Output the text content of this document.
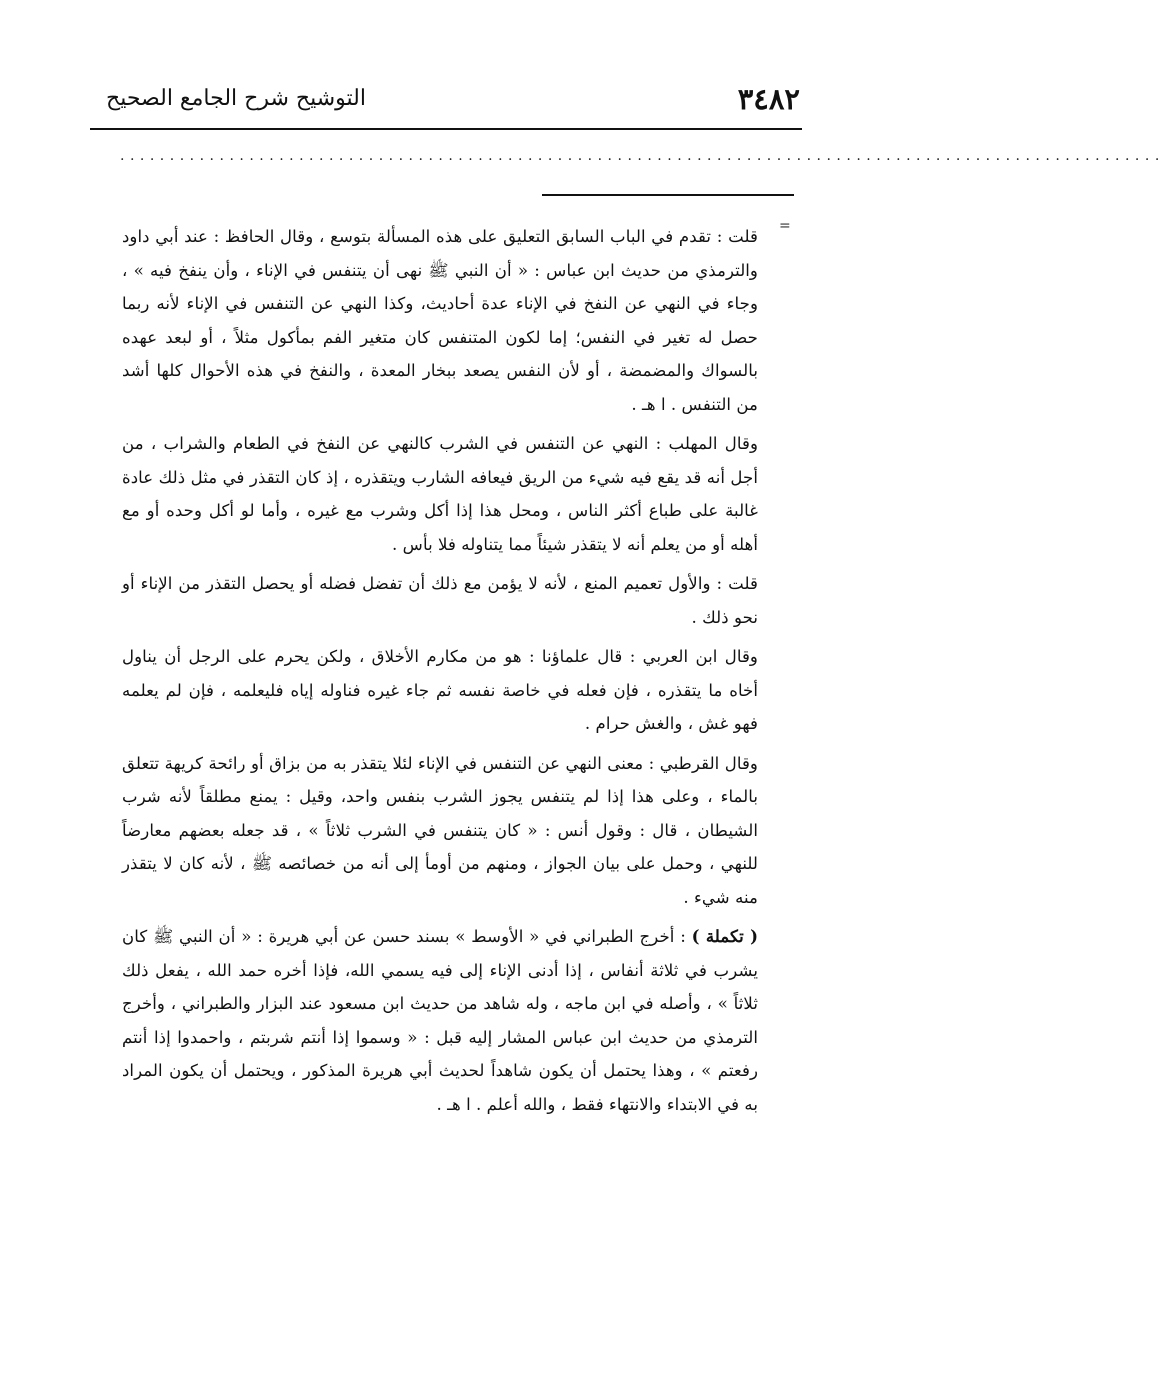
٣٤٨٢
التوشيح شرح الجامع الصحيح
.........................................................................................................
=

قلت : تقدم في الباب السابق التعليق على هذه المسألة بتوسع ، وقال الحافظ : عند أبي داود والترمذي من حديث ابن عباس : « أن النبي ﷺ نهى أن يتنفس في الإناء ، وأن ينفخ فيه » ، وجاء في النهي عن النفخ في الإناء عدة أحاديث، وكذا النهي عن التنفس في الإناء لأنه ربما حصل له تغير في النفس؛ إما لكون المتنفس كان متغير الفم بمأكول مثلاً ، أو لبعد عهده بالسواك والمضمضة ، أو لأن النفس يصعد ببخار المعدة ، والنفخ في هذه الأحوال كلها أشد من التنفس . ا هـ .

وقال المهلب : النهي عن التنفس في الشرب كالنهي عن النفخ في الطعام والشراب ، من أجل أنه قد يقع فيه شيء من الريق فيعافه الشارب ويتقذره ، إذ كان التقذر في مثل ذلك عادة غالبة على طباع أكثر الناس ، ومحل هذا إذا أكل وشرب مع غيره ، وأما لو أكل وحده أو مع أهله أو من يعلم أنه لا يتقذر شيئاً مما يتناوله فلا بأس .

قلت : والأول تعميم المنع ، لأنه لا يؤمن مع ذلك أن تفضل فضله أو يحصل التقذر من الإناء أو نحو ذلك .

وقال ابن العربي : قال علماؤنا : هو من مكارم الأخلاق ، ولكن يحرم على الرجل أن يناول أخاه ما يتقذره ، فإن فعله في خاصة نفسه ثم جاء غيره فناوله إياه فليعلمه ، فإن لم يعلمه فهو غش ، والغش حرام .

وقال القرطبي : معنى النهي عن التنفس في الإناء لئلا يتقذر به من بزاق أو رائحة كريهة تتعلق بالماء ، وعلى هذا إذا لم يتنفس يجوز الشرب بنفس واحد، وقيل : يمنع مطلقاً لأنه شرب الشيطان ، قال : وقول أنس : « كان يتنفس في الشرب ثلاثاً » ، قد جعله بعضهم معارضاً للنهي ، وحمل على بيان الجواز ، ومنهم من أومأ إلى أنه من خصائصه ﷺ ، لأنه كان لا يتقذر منه شيء .

( تكملة ) : أخرج الطبراني في « الأوسط » بسند حسن عن أبي هريرة : « أن النبي ﷺ كان يشرب في ثلاثة أنفاس ، إذا أدنى الإناء إلى فيه يسمي الله، فإذا أخره حمد الله ، يفعل ذلك ثلاثاً » ، وأصله في ابن ماجه ، وله شاهد من حديث ابن مسعود عند البزار والطبراني ، وأخرج الترمذي من حديث ابن عباس المشار إليه قبل : « وسموا إذا أنتم شربتم ، واحمدوا إذا أنتم رفعتم » ، وهذا يحتمل أن يكون شاهداً لحديث أبي هريرة المذكور ، ويحتمل أن يكون المراد به في الابتداء والانتهاء فقط ، والله أعلم . ا هـ .
